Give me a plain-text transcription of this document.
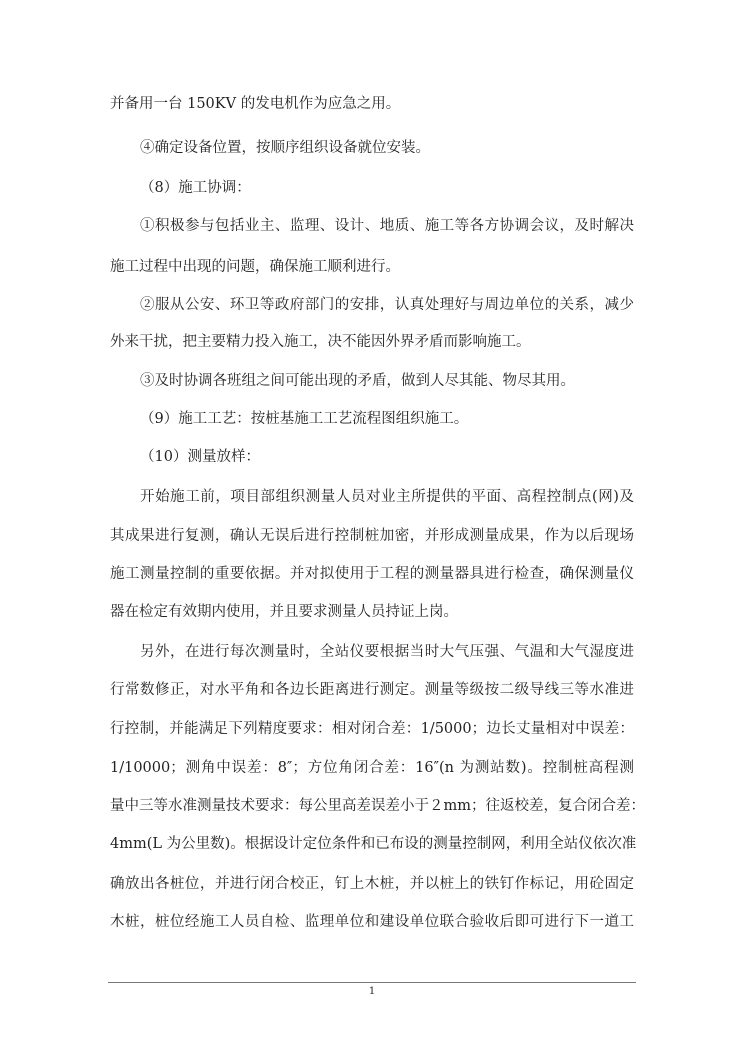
并备用一台 150KV 的发电机作为应急之用。
④确定设备位置，按顺序组织设备就位安装。
（8）施工协调：
①积极参与包括业主、监理、设计、地质、施工等各方协调会议，及时解决
施工过程中出现的问题，确保施工顺利进行。
②服从公安、环卫等政府部门的安排，认真处理好与周边单位的关系，减少
外来干扰，把主要精力投入施工，决不能因外界矛盾而影响施工。
③及时协调各班组之间可能出现的矛盾，做到人尽其能、物尽其用。
（9）施工工艺：按桩基施工工艺流程图组织施工。
（10）测量放样：
开始施工前，项目部组织测量人员对业主所提供的平面、高程控制点(网)及
其成果进行复测，确认无误后进行控制桩加密，并形成测量成果，作为以后现场
施工测量控制的重要依据。并对拟使用于工程的测量器具进行检查，确保测量仪
器在检定有效期内使用，并且要求测量人员持证上岗。
另外，在进行每次测量时，全站仪要根据当时大气压强、气温和大气湿度进
行常数修正，对水平角和各边长距离进行测定。测量等级按二级导线三等水准进
行控制，并能满足下列精度要求：相对闭合差：1/5000；边长丈量相对中误差：
1/10000；测角中误差：8″；方位角闭合差：16″(n 为测站数)。控制桩高程测
量中三等水准测量技术要求：每公里高差误差小于２mm；往返校差，复合闭合差：
4mm(L 为公里数)。根据设计定位条件和已布设的测量控制网，利用全站仪依次准
确放出各桩位，并进行闭合校正，钉上木桩，并以桩上的铁钉作标记，用砼固定
木桩，桩位经施工人员自检、监理单位和建设单位联合验收后即可进行下一道工
1
